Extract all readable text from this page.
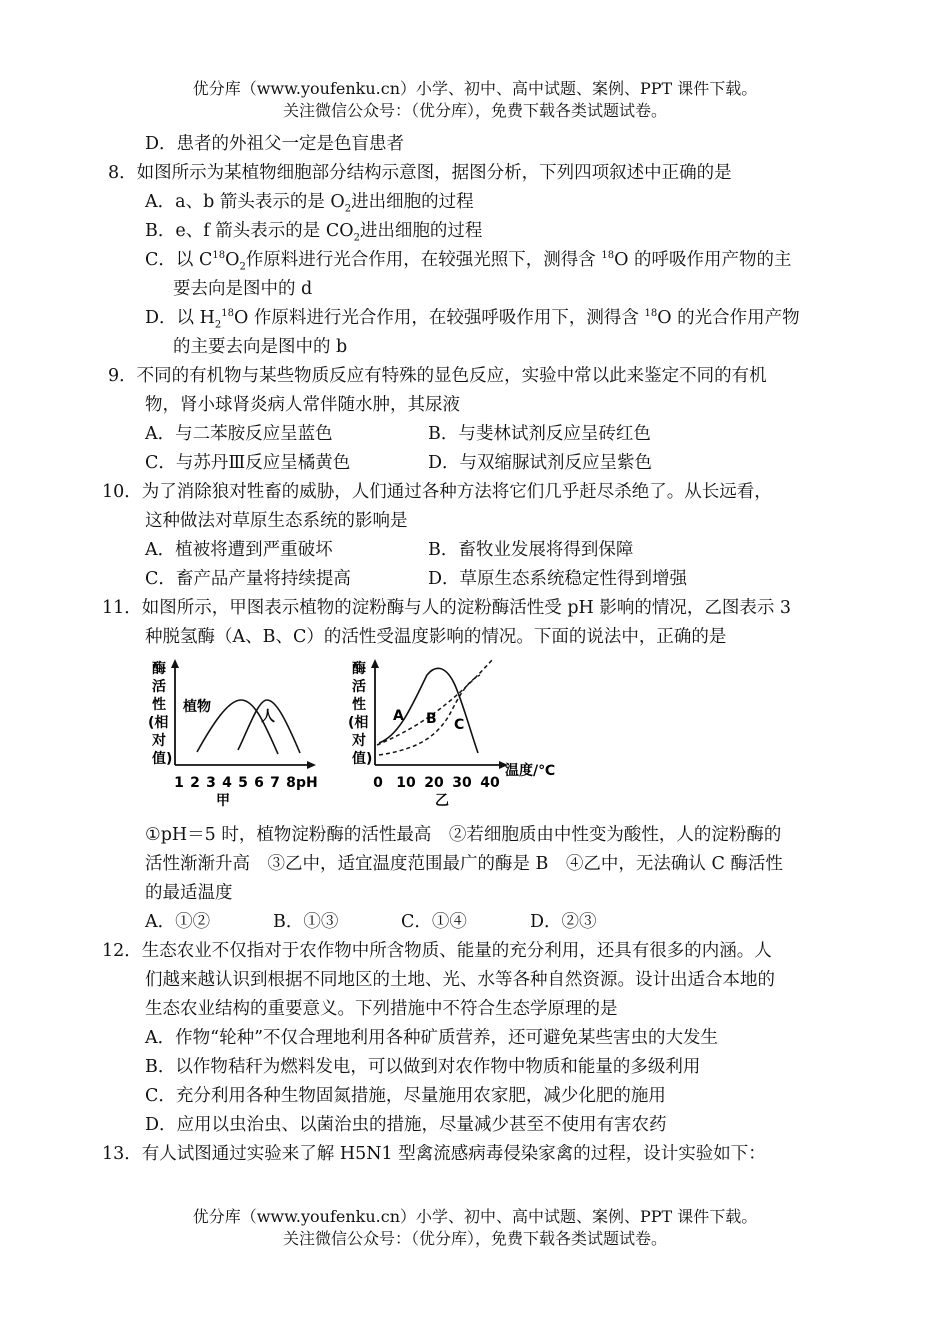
优分库（www.youfenku.cn）小学、初中、高中试题、案例、PPT 课件下载。
关注微信公众号：（优分库），免费下载各类试题试卷。
D．患者的外祖父一定是色盲患者
8．如图所示为某植物细胞部分结构示意图，据图分析，下列四项叙述中正确的是
A．a、b 箭头表示的是 $O_2$进出细胞的过程
B．e、f 箭头表示的是 $CO_2$进出细胞的过程
C．以 $C^{18}O_2$作原料进行光合作用，在较强光照下，测得含 $^{18}$O 的呼吸作用产物的主
要去向是图中的 d
D．以 $H_2^{18}O$ 作原料进行光合作用，在较强呼吸作用下，测得含 $^{18}$O 的光合作用产物
的主要去向是图中的 b
9．不同的有机物与某些物质反应有特殊的显色反应，实验中常以此来鉴定不同的有机
物，肾小球肾炎病人常伴随水肿，其尿液
A．与二苯胺反应呈蓝色	B．与斐林试剂反应呈砖红色
C．与苏丹Ⅲ反应呈橘黄色	D．与双缩脲试剂反应呈紫色
10．为了消除狼对牲畜的威胁，人们通过各种方法将它们几乎赶尽杀绝了。从长远看，
这种做法对草原生态系统的影响是
A．植被将遭到严重破坏	B．畜牧业发展将得到保障
C．畜产品产量将持续提高	D．草原生态系统稳定性得到增强
11．如图所示，甲图表示植物的淀粉酶与人的淀粉酶活性受 pH 影响的情况，乙图表示 3
种脱氢酶（A、B、C）的活性受温度影响的情况。下面的说法中，正确的是
酶
活
性
(相
对
值)
1 2 3 4 5 6 7 8 pH
植物
人
甲
酶
活
性
(相
对
值)
0 10 20 30 40
温度/℃
A B C
乙
①pH＝5 时，植物淀粉酶的活性最高　②若细胞质由中性变为酸性，人的淀粉酶的
活性渐渐升高　③乙中，适宜温度范围最广的酶是 B　④乙中，无法确认 C 酶活性
的最适温度
A．①②	B．①③	C．①④	D．②③
12．生态农业不仅指对于农作物中所含物质、能量的充分利用，还具有很多的内涵。人
们越来越认识到根据不同地区的土地、光、水等各种自然资源。设计出适合本地的
生态农业结构的重要意义。下列措施中不符合生态学原理的是
A．作物“轮种”不仅合理地利用各种矿质营养，还可避免某些害虫的大发生
B．以作物秸秆为燃料发电，可以做到对农作物中物质和能量的多级利用
C．充分利用各种生物固氮措施，尽量施用农家肥，减少化肥的施用
D．应用以虫治虫、以菌治虫的措施，尽量减少甚至不使用有害农药
13．有人试图通过实验来了解 H5N1 型禽流感病毒侵染家禽的过程，设计实验如下：
优分库（www.youfenku.cn）小学、初中、高中试题、案例、PPT 课件下载。
关注微信公众号：（优分库），免费下载各类试题试卷。
